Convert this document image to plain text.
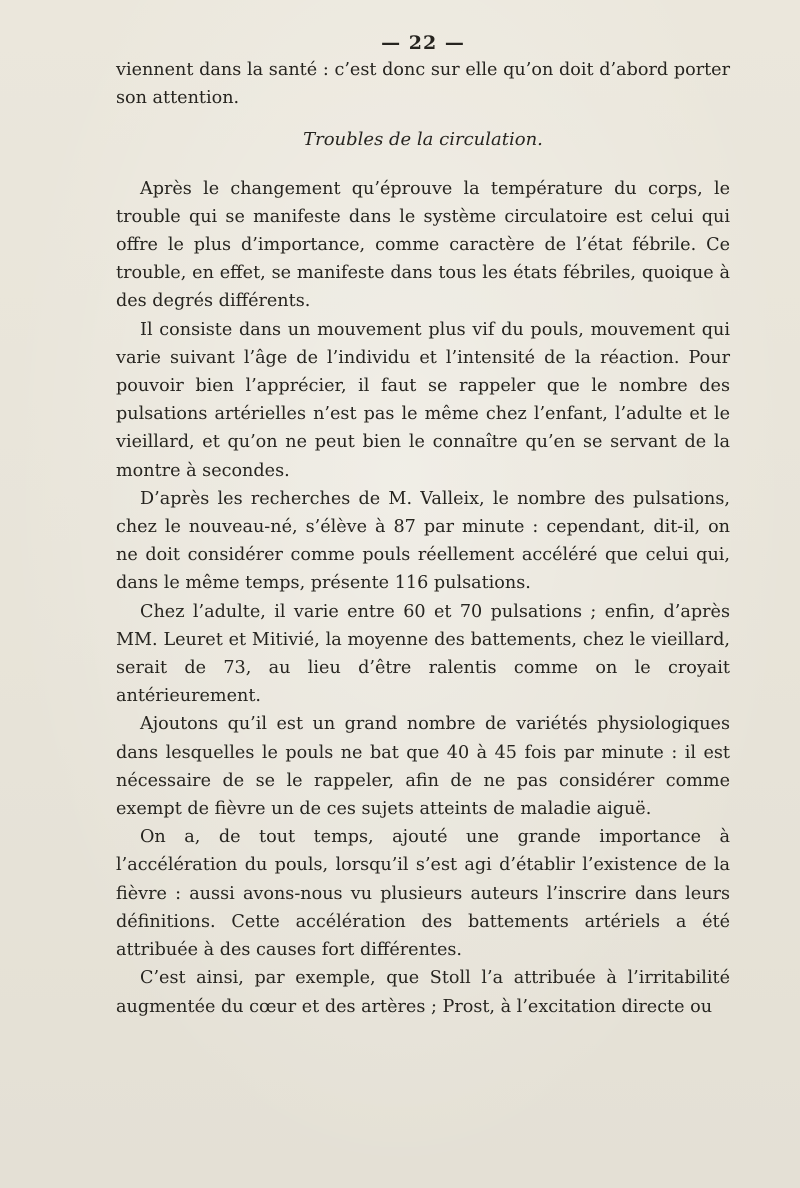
— 22 —

viennent dans la santé : c’est donc sur elle qu’on doit d’abord porter son attention.

Troubles de la circulation.

Après le changement qu’éprouve la température du corps, le trouble qui se manifeste dans le système circulatoire est celui qui offre le plus d’importance, comme caractère de l’état fébrile. Ce trouble, en effet, se manifeste dans tous les états fébriles, quoique à des degrés différents.

Il consiste dans un mouvement plus vif du pouls, mouvement qui varie suivant l’âge de l’individu et l’intensité de la réaction. Pour pouvoir bien l’apprécier, il faut se rappeler que le nombre des pulsations artérielles n’est pas le même chez l’enfant, l’adulte et le vieillard, et qu’on ne peut bien le connaître qu’en se servant de la montre à secondes.

D’après les recherches de M. Valleix, le nombre des pulsations, chez le nouveau-né, s’élève à 87 par minute : cependant, dit-il, on ne doit considérer comme pouls réellement accéléré que celui qui, dans le même temps, présente 116 pulsations.

Chez l’adulte, il varie entre 60 et 70 pulsations ; enfin, d’après MM. Leuret et Mitivié, la moyenne des battements, chez le vieillard, serait de 73, au lieu d’être ralentis comme on le croyait antérieurement.

Ajoutons qu’il est un grand nombre de variétés physiologiques dans lesquelles le pouls ne bat que 40 à 45 fois par minute : il est nécessaire de se le rappeler, afin de ne pas considérer comme exempt de fièvre un de ces sujets atteints de maladie aiguë.

On a, de tout temps, ajouté une grande importance à l’accélération du pouls, lorsqu’il s’est agi d’établir l’existence de la fièvre : aussi avons-nous vu plusieurs auteurs l’inscrire dans leurs définitions. Cette accélération des battements artériels a été attribuée à des causes fort différentes.

C’est ainsi, par exemple, que Stoll l’a attribuée à l’irritabilité augmentée du cœur et des artères ; Prost, à l’excitation directe ou
